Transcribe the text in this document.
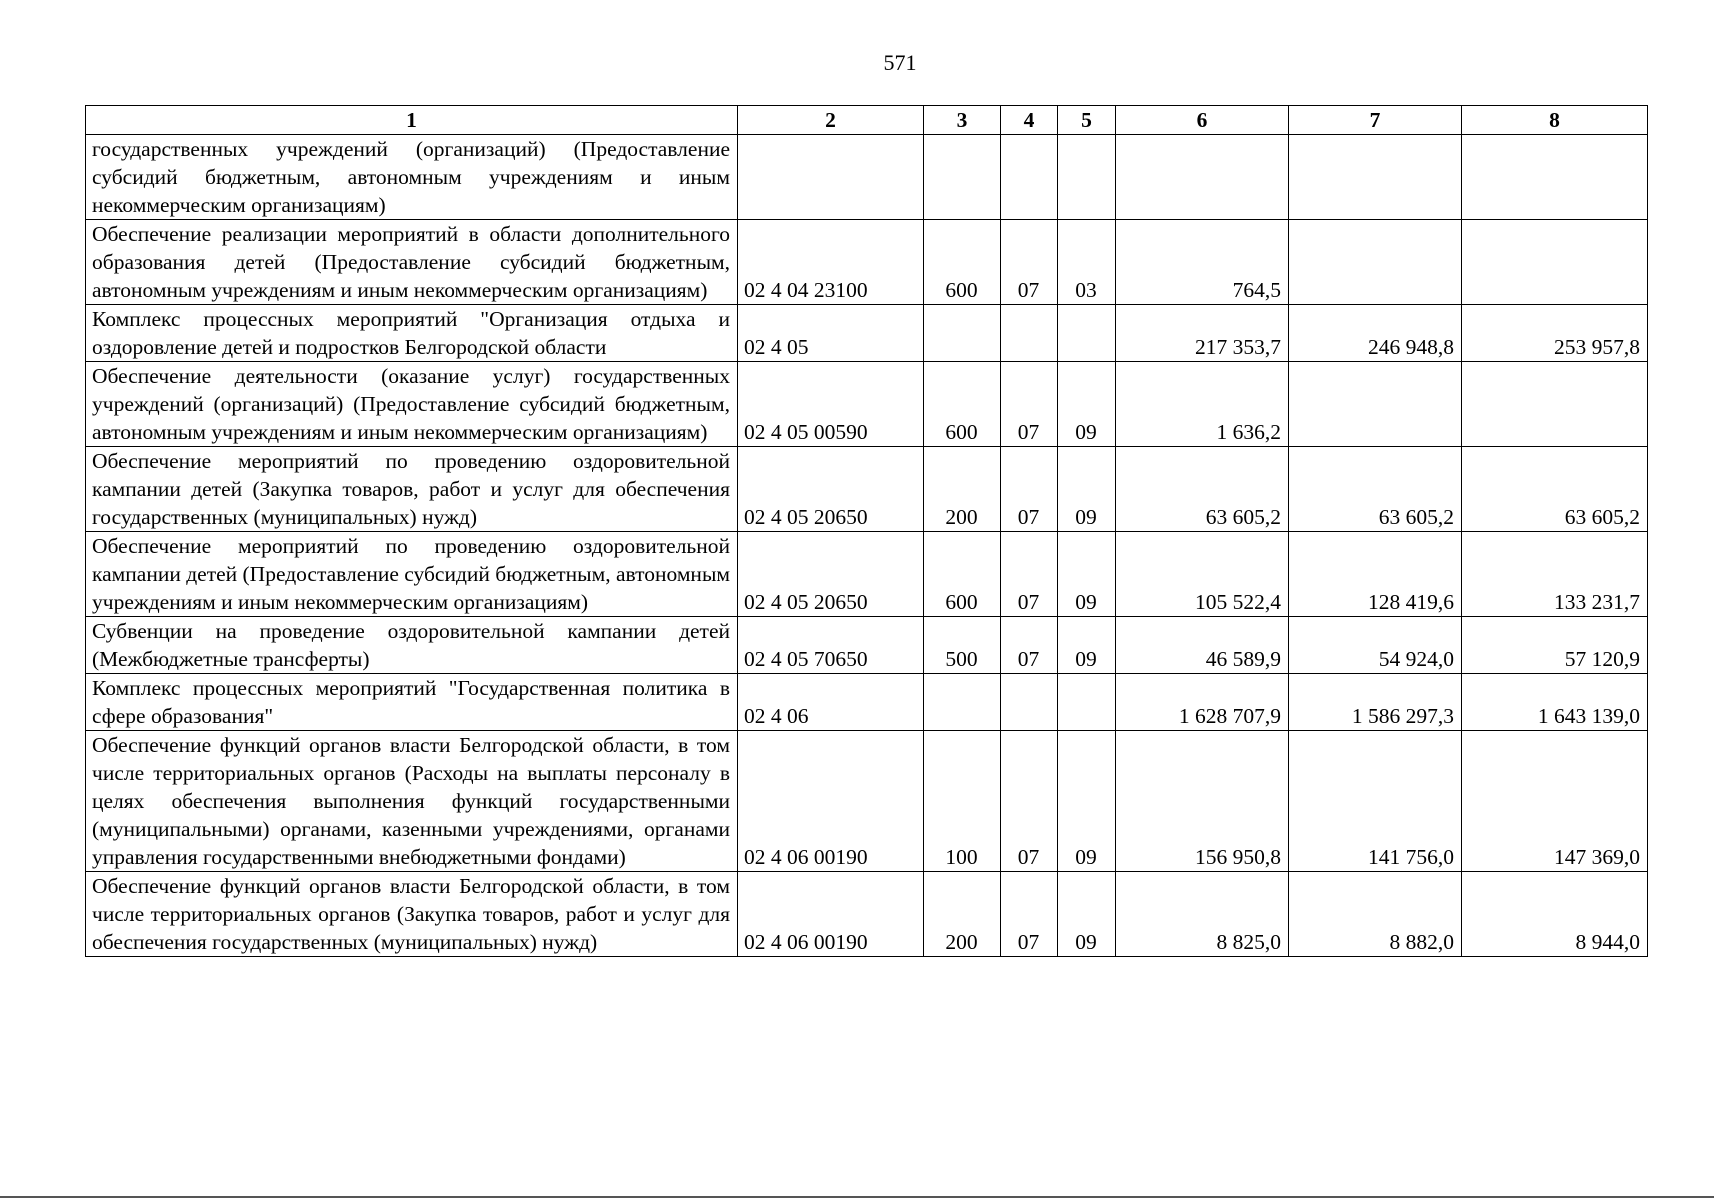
571
1	2	3	4	5	6	7	8
государственных учреждений (организаций) (Предоставление субсидий бюджетным, автономным учреждениям и иным некоммерческим организациям)							
Обеспечение реализации мероприятий в области дополнительного образования детей (Предоставление субсидий бюджетным, автономным учреждениям и иным некоммерческим организациям)	02 4 04 23100	600	07	03	764,5		
Комплекс процессных мероприятий "Организация отдыха и оздоровление детей и подростков Белгородской области	02 4 05				217 353,7	246 948,8	253 957,8
Обеспечение деятельности (оказание услуг) государственных учреждений (организаций) (Предоставление субсидий бюджетным, автономным учреждениям и иным некоммерческим организациям)	02 4 05 00590	600	07	09	1 636,2		
Обеспечение мероприятий по проведению оздоровительной кампании детей (Закупка товаров, работ и услуг для обеспечения государственных (муниципальных) нужд)	02 4 05 20650	200	07	09	63 605,2	63 605,2	63 605,2
Обеспечение мероприятий по проведению оздоровительной кампании детей (Предоставление субсидий бюджетным, автономным учреждениям и иным некоммерческим организациям)	02 4 05 20650	600	07	09	105 522,4	128 419,6	133 231,7
Субвенции на проведение оздоровительной кампании детей (Межбюджетные трансферты)	02 4 05 70650	500	07	09	46 589,9	54 924,0	57 120,9
Комплекс процессных мероприятий "Государственная политика в сфере образования"	02 4 06				1 628 707,9	1 586 297,3	1 643 139,0
Обеспечение функций органов власти Белгородской области, в том числе территориальных органов (Расходы на выплаты персоналу в целях обеспечения выполнения функций государственными (муниципальными) органами, казенными учреждениями, органами управления государственными внебюджетными фондами)	02 4 06 00190	100	07	09	156 950,8	141 756,0	147 369,0
Обеспечение функций органов власти Белгородской области, в том числе территориальных органов (Закупка товаров, работ и услуг для обеспечения государственных (муниципальных) нужд)	02 4 06 00190	200	07	09	8 825,0	8 882,0	8 944,0
